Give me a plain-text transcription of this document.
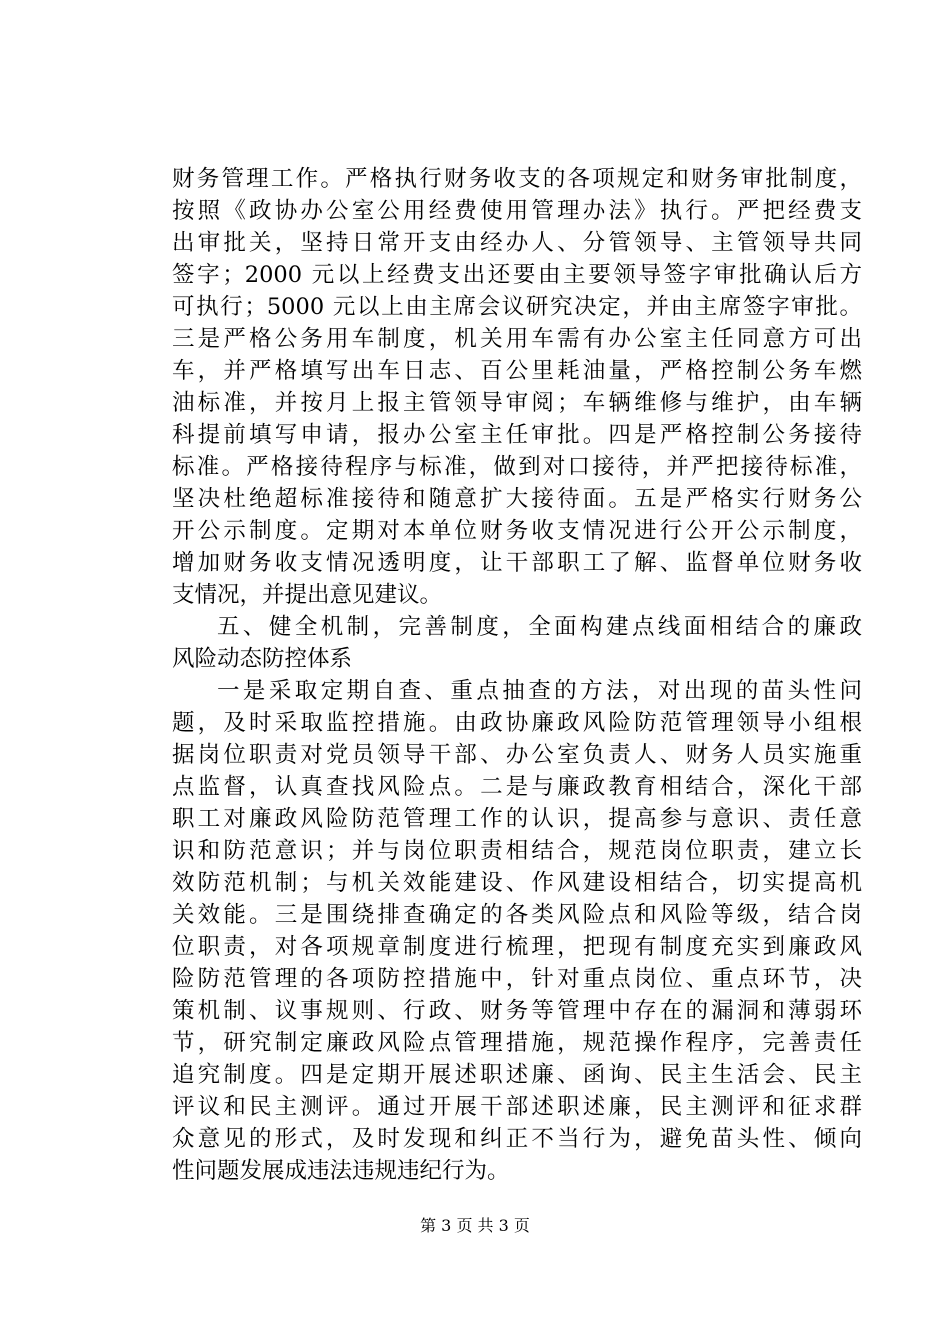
财务管理工作。严格执行财务收支的各项规定和财务审批制度，
按照《政协办公室公用经费使用管理办法》执行。严把经费支
出审批关，坚持日常开支由经办人、分管领导、主管领导共同
签字；2000 元以上经费支出还要由主要领导签字审批确认后方
可执行；5000 元以上由主席会议研究决定，并由主席签字审批。
三是严格公务用车制度，机关用车需有办公室主任同意方可出
车，并严格填写出车日志、百公里耗油量，严格控制公务车燃
油标准，并按月上报主管领导审阅；车辆维修与维护，由车辆
科提前填写申请，报办公室主任审批。四是严格控制公务接待
标准。严格接待程序与标准，做到对口接待，并严把接待标准，
坚决杜绝超标准接待和随意扩大接待面。五是严格实行财务公
开公示制度。定期对本单位财务收支情况进行公开公示制度，
增加财务收支情况透明度，让干部职工了解、监督单位财务收
支情况，并提出意见建议。
五、健全机制，完善制度，全面构建点线面相结合的廉政
风险动态防控体系
一是采取定期自查、重点抽查的方法，对出现的苗头性问
题，及时采取监控措施。由政协廉政风险防范管理领导小组根
据岗位职责对党员领导干部、办公室负责人、财务人员实施重
点监督，认真查找风险点。二是与廉政教育相结合，深化干部
职工对廉政风险防范管理工作的认识，提高参与意识、责任意
识和防范意识；并与岗位职责相结合，规范岗位职责，建立长
效防范机制；与机关效能建设、作风建设相结合，切实提高机
关效能。三是围绕排查确定的各类风险点和风险等级，结合岗
位职责，对各项规章制度进行梳理，把现有制度充实到廉政风
险防范管理的各项防控措施中，针对重点岗位、重点环节，决
策机制、议事规则、行政、财务等管理中存在的漏洞和薄弱环
节，研究制定廉政风险点管理措施，规范操作程序，完善责任
追究制度。四是定期开展述职述廉、函询、民主生活会、民主
评议和民主测评。通过开展干部述职述廉，民主测评和征求群
众意见的形式，及时发现和纠正不当行为，避免苗头性、倾向
性问题发展成违法违规违纪行为。
第 3 页 共 3 页
